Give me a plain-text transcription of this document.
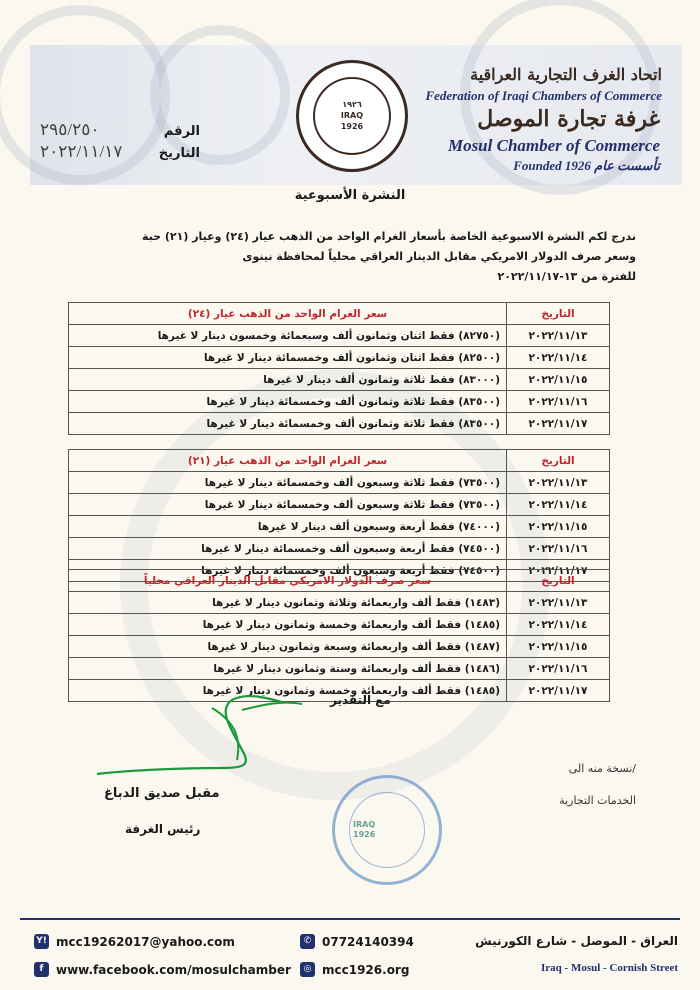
١٩٢٦
IRAQ
1926
اتحاد الغرف التجارية العراقية
Federation of Iraqi Chambers of Commerce
غرفة تجارة الموصل
Mosul Chamber of Commerce
Founded 1926 تأسست عام
٢٩٥/٢٥٠	الرقم
٢٠٢٢/١١/١٧	التاريخ
النشرة الأسبوعية
ندرج لكم النشرة الاسبوعية الخاصة بأسعار الغرام الواحد من الذهب عيار (٢٤) وعيار (٢١) حبة
وسعر صرف الدولار الامريكي مقابل الدينار العراقي محلياً لمحافظة نينوى
للفترة من ١٣-٢٠٢٢/١١/١٧
التاريخ	سعر الغرام الواحد من الذهب عيار (٢٤)
٢٠٢٢/١١/١٣	(٨٢٧٥٠) فقط اثنان وثمانون ألف وسبعمائة وخمسون دينار لا غيرها
٢٠٢٢/١١/١٤	(٨٢٥٠٠) فقط اثنان وثمانون ألف وخمسمائة دينار لا غيرها
٢٠٢٢/١١/١٥	(٨٣٠٠٠) فقط ثلاثة وثمانون ألف دينار لا غيرها
٢٠٢٢/١١/١٦	(٨٣٥٠٠) فقط ثلاثة وثمانون ألف وخمسمائة دينار لا غيرها
٢٠٢٢/١١/١٧	(٨٣٥٠٠) فقط ثلاثة وثمانون ألف وخمسمائة دينار لا غيرها
التاريخ	سعر الغرام الواحد من الذهب عيار (٢١)
٢٠٢٢/١١/١٣	(٧٣٥٠٠) فقط ثلاثة وسبعون ألف وخمسمائة دينار لا غيرها
٢٠٢٢/١١/١٤	(٧٣٥٠٠) فقط ثلاثة وسبعون ألف وخمسمائة دينار لا غيرها
٢٠٢٢/١١/١٥	(٧٤٠٠٠) فقط أربعة وسبعون ألف دينار لا غيرها
٢٠٢٢/١١/١٦	(٧٤٥٠٠) فقط أربعة وسبعون ألف وخمسمائة دينار لا غيرها
٢٠٢٢/١١/١٧	(٧٤٥٠٠) فقط أربعة وسبعون ألف وخمسمائة دينار لا غيرها
التاريخ	سعر صرف الدولار الامريكي مقابل الدينار العراقي محلياً
٢٠٢٢/١١/١٣	(١٤٨٣) فقط ألف واربعمائة وثلاثة وثمانون دينار لا غيرها
٢٠٢٢/١١/١٤	(١٤٨٥) فقط ألف واربعمائة وخمسة وثمانون دينار لا غيرها
٢٠٢٢/١١/١٥	(١٤٨٧) فقط ألف واربعمائة وسبعة وثمانون دينار لا غيرها
٢٠٢٢/١١/١٦	(١٤٨٦) فقط ألف واربعمائة وستة وثمانون دينار لا غيرها
٢٠٢٢/١١/١٧	(١٤٨٥) فقط ألف واربعمائة وخمسة وثمانون دينار لا غيرها
مع التقدير
مقبل صديق الدباغ
رئيس الغرفة
نسخة منه الى/
الخدمات التجارية
IRAQ
1926
Y! mcc19262017@yahoo.com	✆ 07724140394
f	www.facebook.com/mosulchamber	◎ mcc1926.org
العراق - الموصل - شارع الكورنيش
Iraq - Mosul - Cornish Street
